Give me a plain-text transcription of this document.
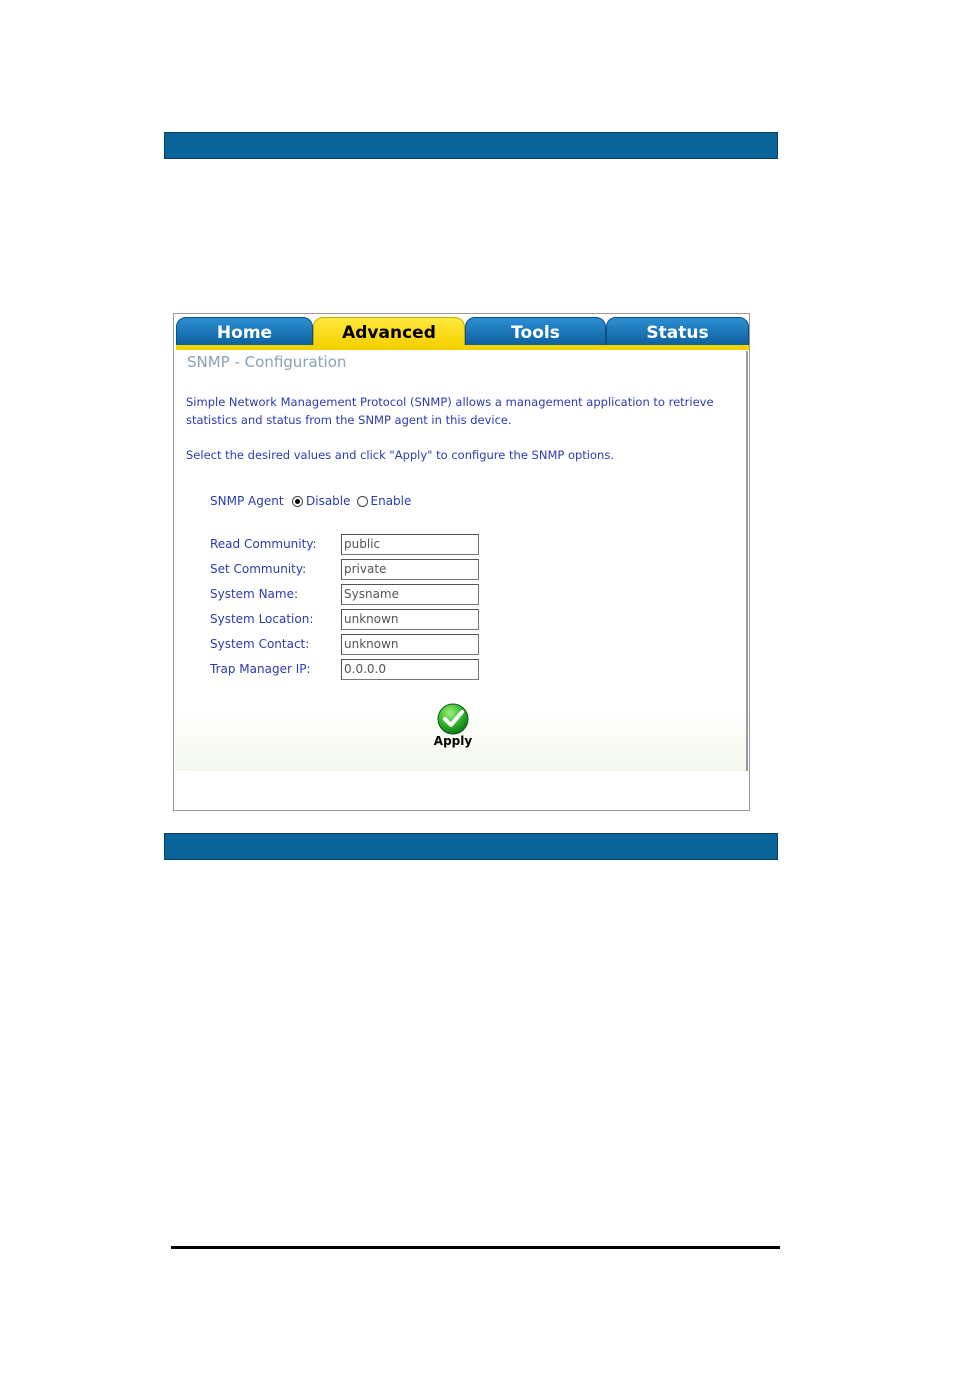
Home	Advanced	Tools	Status
SNMP - Configuration
Simple Network Management Protocol (SNMP) allows a management application to retrieve statistics and status from the SNMP agent in this device.
Select the desired values and click "Apply" to configure the SNMP options.
SNMP Agent	Disable Enable
Read Community:
public
Set Community:
private
System Name:
Sysname
System Location:
unknown
System Contact:
unknown
Trap Manager IP:
0.0.0.0
Apply
